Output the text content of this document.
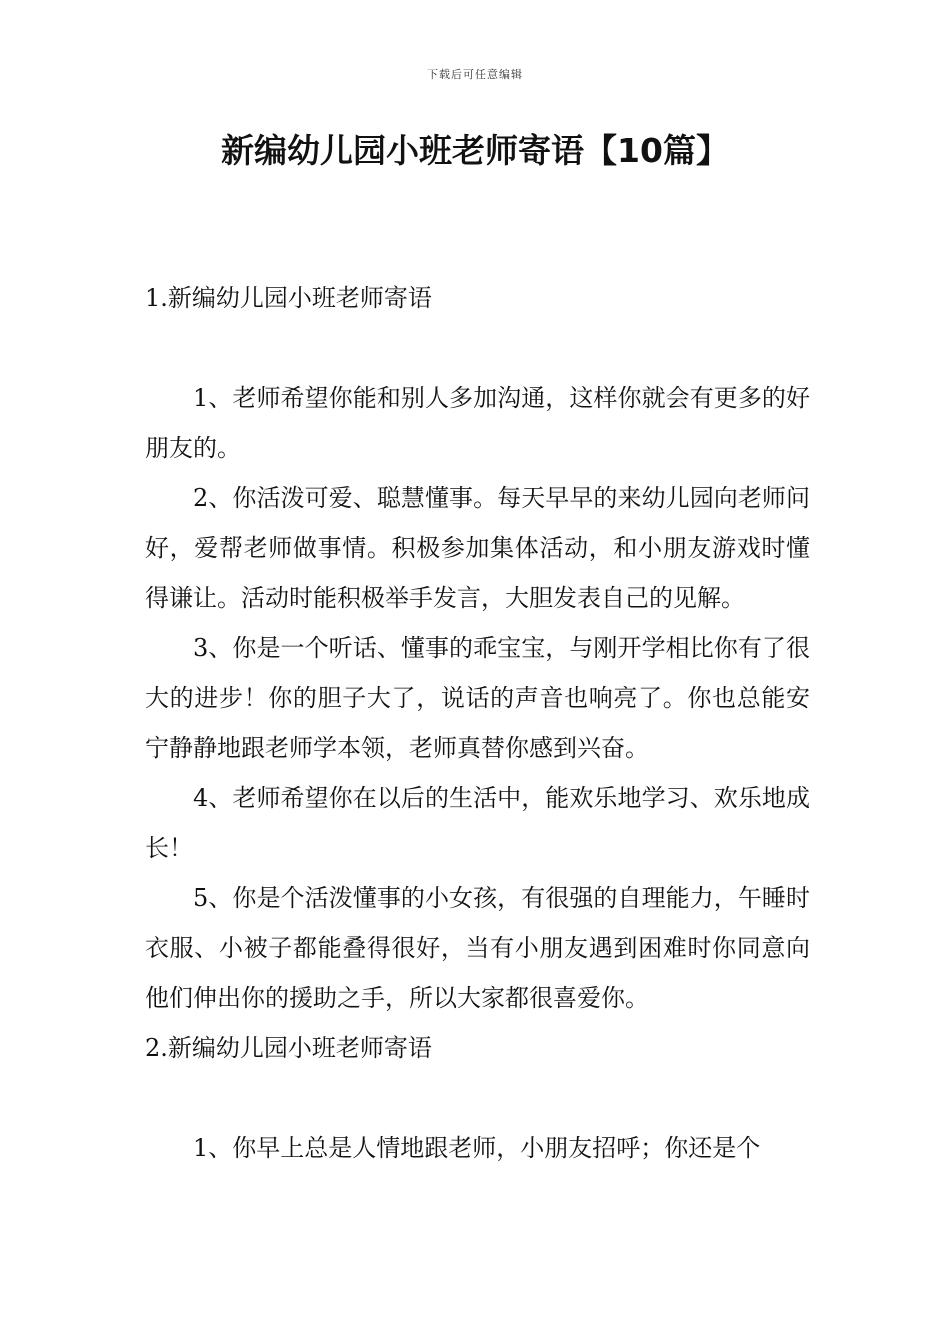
下载后可任意编辑
新编幼儿园小班老师寄语【10篇】
1.新编幼儿园小班老师寄语

1、老师希望你能和别人多加沟通，这样你就会有更多的好朋友的。

2、你活泼可爱、聪慧懂事。每天早早的来幼儿园向老师问好，爱帮老师做事情。积极参加集体活动，和小朋友游戏时懂得谦让。活动时能积极举手发言，大胆发表自己的见解。

3、你是一个听话、懂事的乖宝宝，与刚开学相比你有了很大的进步！你的胆子大了，说话的声音也响亮了。你也总能安宁静静地跟老师学本领，老师真替你感到兴奋。

4、老师希望你在以后的生活中，能欢乐地学习、欢乐地成长！

5、你是个活泼懂事的小女孩，有很强的自理能力，午睡时衣服、小被子都能叠得很好，当有小朋友遇到困难时你同意向他们伸出你的援助之手，所以大家都很喜爱你。

2.新编幼儿园小班老师寄语

1、你早上总是人情地跟老师，小朋友招呼；你还是个
